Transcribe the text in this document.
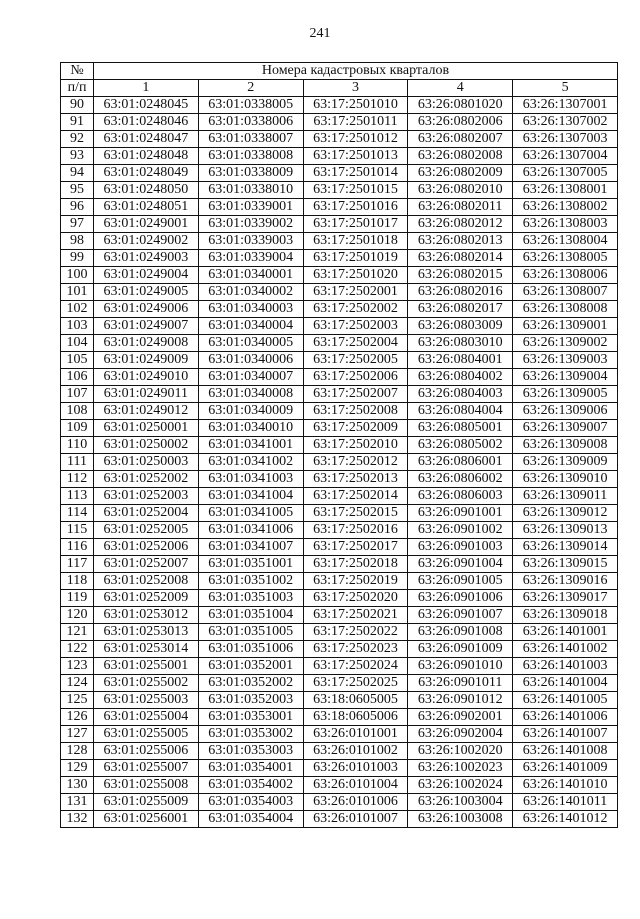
241
№	Номера кадастровых кварталов				
п/п	1	2	3	4	5
90	63:01:0248045	63:01:0338005	63:17:2501010	63:26:0801020	63:26:1307001
91	63:01:0248046	63:01:0338006	63:17:2501011	63:26:0802006	63:26:1307002
92	63:01:0248047	63:01:0338007	63:17:2501012	63:26:0802007	63:26:1307003
93	63:01:0248048	63:01:0338008	63:17:2501013	63:26:0802008	63:26:1307004
94	63:01:0248049	63:01:0338009	63:17:2501014	63:26:0802009	63:26:1307005
95	63:01:0248050	63:01:0338010	63:17:2501015	63:26:0802010	63:26:1308001
96	63:01:0248051	63:01:0339001	63:17:2501016	63:26:0802011	63:26:1308002
97	63:01:0249001	63:01:0339002	63:17:2501017	63:26:0802012	63:26:1308003
98	63:01:0249002	63:01:0339003	63:17:2501018	63:26:0802013	63:26:1308004
99	63:01:0249003	63:01:0339004	63:17:2501019	63:26:0802014	63:26:1308005
100	63:01:0249004	63:01:0340001	63:17:2501020	63:26:0802015	63:26:1308006
101	63:01:0249005	63:01:0340002	63:17:2502001	63:26:0802016	63:26:1308007
102	63:01:0249006	63:01:0340003	63:17:2502002	63:26:0802017	63:26:1308008
103	63:01:0249007	63:01:0340004	63:17:2502003	63:26:0803009	63:26:1309001
104	63:01:0249008	63:01:0340005	63:17:2502004	63:26:0803010	63:26:1309002
105	63:01:0249009	63:01:0340006	63:17:2502005	63:26:0804001	63:26:1309003
106	63:01:0249010	63:01:0340007	63:17:2502006	63:26:0804002	63:26:1309004
107	63:01:0249011	63:01:0340008	63:17:2502007	63:26:0804003	63:26:1309005
108	63:01:0249012	63:01:0340009	63:17:2502008	63:26:0804004	63:26:1309006
109	63:01:0250001	63:01:0340010	63:17:2502009	63:26:0805001	63:26:1309007
110	63:01:0250002	63:01:0341001	63:17:2502010	63:26:0805002	63:26:1309008
111	63:01:0250003	63:01:0341002	63:17:2502012	63:26:0806001	63:26:1309009
112	63:01:0252002	63:01:0341003	63:17:2502013	63:26:0806002	63:26:1309010
113	63:01:0252003	63:01:0341004	63:17:2502014	63:26:0806003	63:26:1309011
114	63:01:0252004	63:01:0341005	63:17:2502015	63:26:0901001	63:26:1309012
115	63:01:0252005	63:01:0341006	63:17:2502016	63:26:0901002	63:26:1309013
116	63:01:0252006	63:01:0341007	63:17:2502017	63:26:0901003	63:26:1309014
117	63:01:0252007	63:01:0351001	63:17:2502018	63:26:0901004	63:26:1309015
118	63:01:0252008	63:01:0351002	63:17:2502019	63:26:0901005	63:26:1309016
119	63:01:0252009	63:01:0351003	63:17:2502020	63:26:0901006	63:26:1309017
120	63:01:0253012	63:01:0351004	63:17:2502021	63:26:0901007	63:26:1309018
121	63:01:0253013	63:01:0351005	63:17:2502022	63:26:0901008	63:26:1401001
122	63:01:0253014	63:01:0351006	63:17:2502023	63:26:0901009	63:26:1401002
123	63:01:0255001	63:01:0352001	63:17:2502024	63:26:0901010	63:26:1401003
124	63:01:0255002	63:01:0352002	63:17:2502025	63:26:0901011	63:26:1401004
125	63:01:0255003	63:01:0352003	63:18:0605005	63:26:0901012	63:26:1401005
126	63:01:0255004	63:01:0353001	63:18:0605006	63:26:0902001	63:26:1401006
127	63:01:0255005	63:01:0353002	63:26:0101001	63:26:0902004	63:26:1401007
128	63:01:0255006	63:01:0353003	63:26:0101002	63:26:1002020	63:26:1401008
129	63:01:0255007	63:01:0354001	63:26:0101003	63:26:1002023	63:26:1401009
130	63:01:0255008	63:01:0354002	63:26:0101004	63:26:1002024	63:26:1401010
131	63:01:0255009	63:01:0354003	63:26:0101006	63:26:1003004	63:26:1401011
132	63:01:0256001	63:01:0354004	63:26:0101007	63:26:1003008	63:26:1401012
